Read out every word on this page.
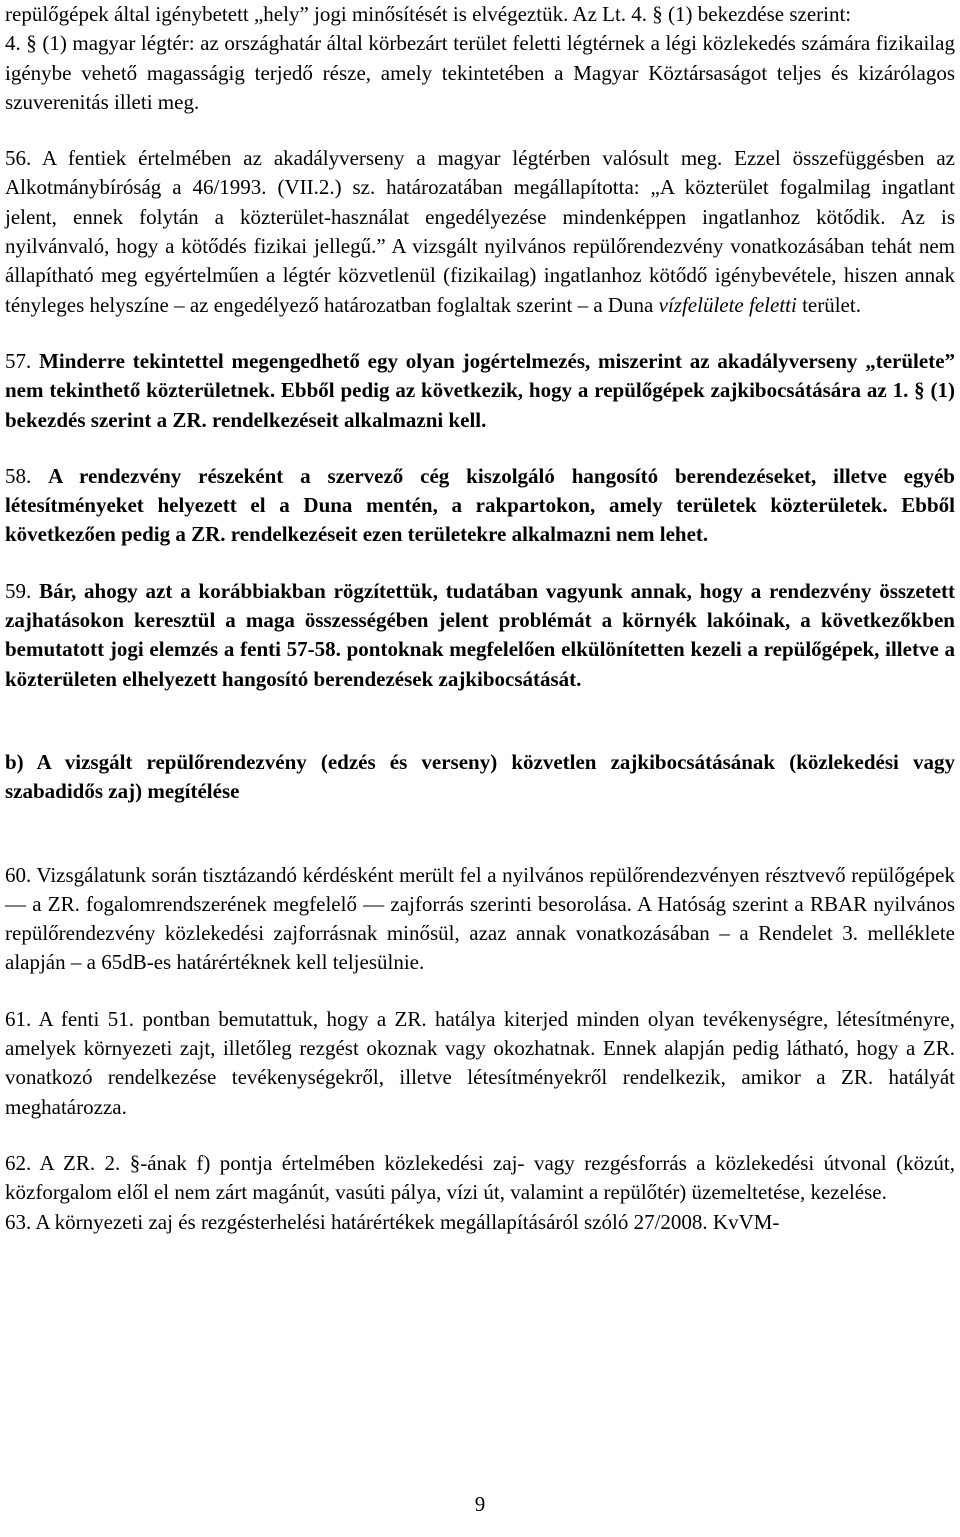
repülőgépek által igénybetett „hely” jogi minősítését is elvégeztük. Az Lt. 4. § (1) bekezdése szerint:

4. § (1) magyar légtér: az országhatár által körbezárt terület feletti légtérnek a légi közlekedés számára fizikailag igénybe vehető magasságig terjedő része, amely tekintetében a Magyar Köztársaságot teljes és kizárólagos szuverenitás illeti meg.

56. A fentiek értelmében az akadályverseny a magyar légtérben valósult meg. Ezzel összefüggésben az Alkotmánybíróság a 46/1993. (VII.2.) sz. határozatában megállapította: „A közterület fogalmilag ingatlant jelent, ennek folytán a közterület-használat engedélyezése mindenképpen ingatlanhoz kötődik. Az is nyilvánvaló, hogy a kötődés fizikai jellegű.” A vizsgált nyilvános repülőrendezvény vonatkozásában tehát nem állapítható meg egyértelműen a légtér közvetlenül (fizikailag) ingatlanhoz kötődő igénybevétele, hiszen annak tényleges helyszíne – az engedélyező határozatban foglaltak szerint – a Duna vízfelülete feletti terület.

57. Minderre tekintettel megengedhető egy olyan jogértelmezés, miszerint az akadályverseny „területe” nem tekinthető közterületnek. Ebből pedig az következik, hogy a repülőgépek zajkibocsátására az 1. § (1) bekezdés szerint a ZR. rendelkezéseit alkalmazni kell.

58. A rendezvény részeként a szervező cég kiszolgáló hangosító berendezéseket, illetve egyéb létesítményeket helyezett el a Duna mentén, a rakpartokon, amely területek közterületek. Ebből következően pedig a ZR. rendelkezéseit ezen területekre alkalmazni nem lehet.

59. Bár, ahogy azt a korábbiakban rögzítettük, tudatában vagyunk annak, hogy a rendezvény összetett zajhatásokon keresztül a maga összességében jelent problémát a környék lakóinak, a következőkben bemutatott jogi elemzés a fenti 57-58. pontoknak megfelelően elkülönítetten kezeli a repülőgépek, illetve a közterületen elhelyezett hangosító berendezések zajkibocsátását.

b) A vizsgált repülőrendezvény (edzés és verseny) közvetlen zajkibocsátásának (közlekedési vagy szabadidős zaj) megítélése

60. Vizsgálatunk során tisztázandó kérdésként merült fel a nyilvános repülőrendezvényen résztvevő repülőgépek — a ZR. fogalomrendszerének megfelelő — zajforrás szerinti besorolása. A Hatóság szerint a RBAR nyilvános repülőrendezvény közlekedési zajforrásnak minősül, azaz annak vonatkozásában – a Rendelet 3. melléklete alapján – a 65dB-es határértéknek kell teljesülnie.

61. A fenti 51. pontban bemutattuk, hogy a ZR. hatálya kiterjed minden olyan tevékenységre, létesítményre, amelyek környezeti zajt, illetőleg rezgést okoznak vagy okozhatnak. Ennek alapján pedig látható, hogy a ZR. vonatkozó rendelkezése tevékenységekről, illetve létesítményekről rendelkezik, amikor a ZR. hatályát meghatározza.

62. A ZR. 2. §-ának f) pontja értelmében közlekedési zaj- vagy rezgésforrás a közlekedési útvonal (közút, közforgalom elől el nem zárt magánút, vasúti pálya, vízi út, valamint a repülőtér) üzemeltetése, kezelése.

63. A környezeti zaj és rezgésterhelési határértékek megállapításáról szóló 27/2008. KvVM-

9
